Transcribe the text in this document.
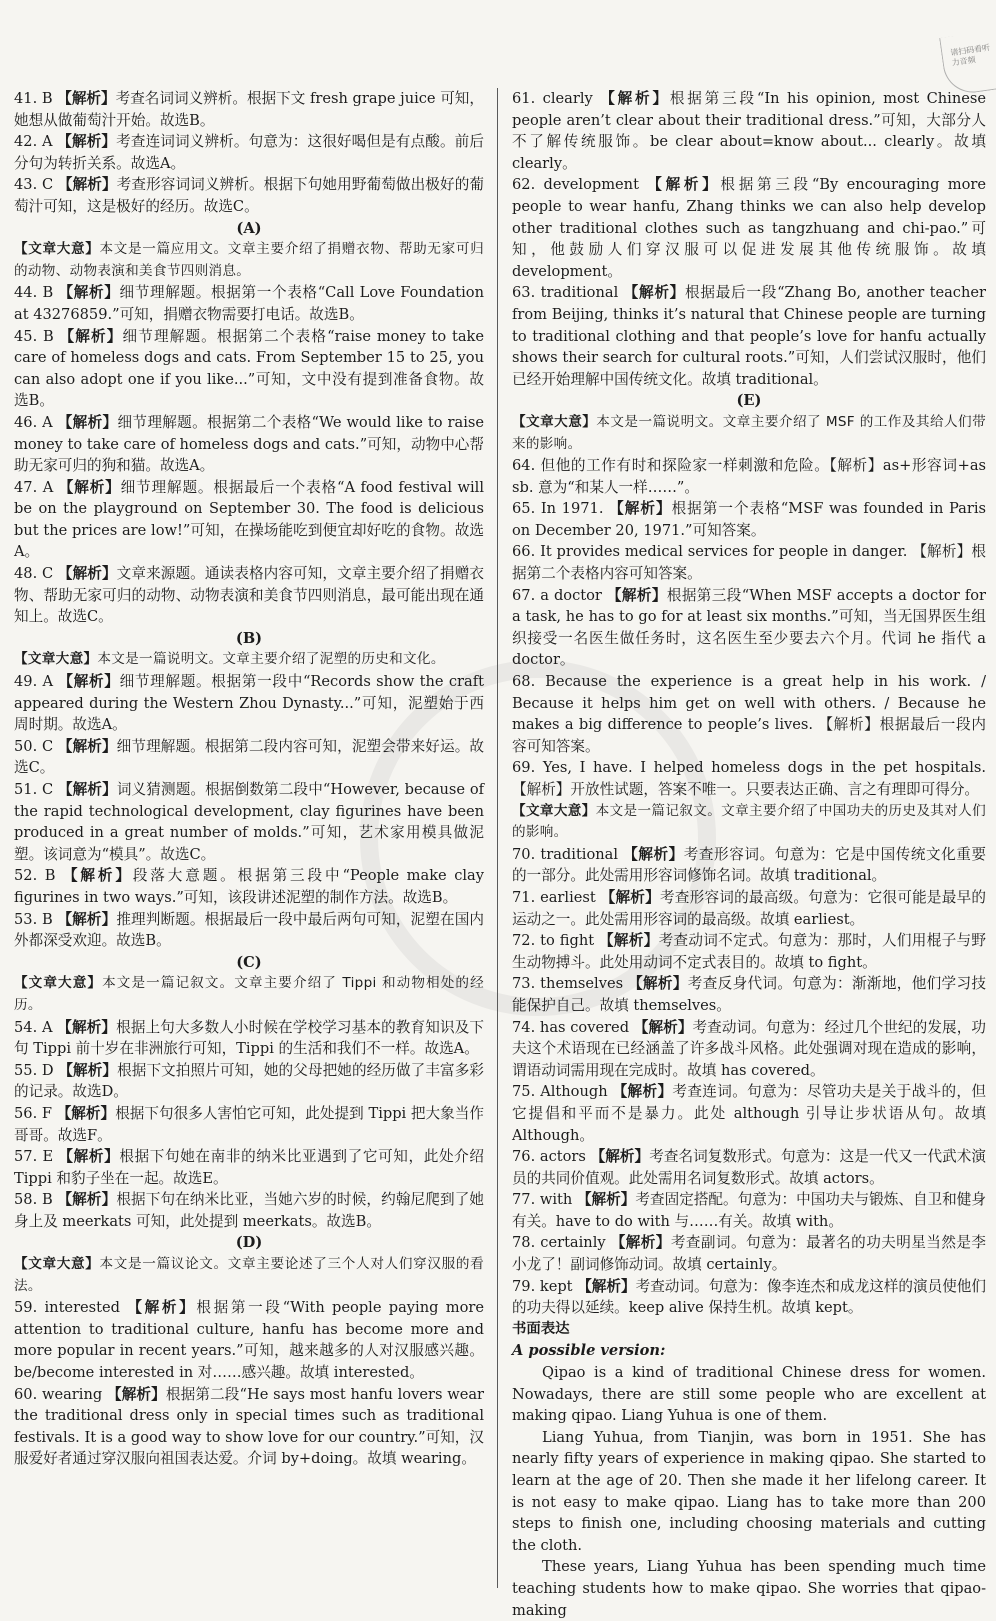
请扫码看听力音频

41. B 【解析】考查名词词义辨析。根据下文 fresh grape juice 可知，她想从做葡萄汁开始。故选B。

42. A 【解析】考查连词词义辨析。句意为：这很好喝但是有点酸。前后分句为转折关系。故选A。

43. C 【解析】考查形容词词义辨析。根据下句她用野葡萄做出极好的葡萄汁可知，这是极好的经历。故选C。

(A)

【文章大意】本文是一篇应用文。文章主要介绍了捐赠衣物、帮助无家可归的动物、动物表演和美食节四则消息。

44. B 【解析】细节理解题。根据第一个表格“Call Love Foundation at 43276859.”可知，捐赠衣物需要打电话。故选B。

45. B 【解析】细节理解题。根据第二个表格“raise money to take care of homeless dogs and cats. From September 15 to 25, you can also adopt one if you like...”可知，文中没有提到准备食物。故选B。

46. A 【解析】细节理解题。根据第二个表格“We would like to raise money to take care of homeless dogs and cats.”可知，动物中心帮助无家可归的狗和猫。故选A。

47. A 【解析】细节理解题。根据最后一个表格“A food festival will be on the playground on September 30. The food is delicious but the prices are low!”可知，在操场能吃到便宜却好吃的食物。故选A。

48. C 【解析】文章来源题。通读表格内容可知，文章主要介绍了捐赠衣物、帮助无家可归的动物、动物表演和美食节四则消息，最可能出现在通知上。故选C。

(B)

【文章大意】本文是一篇说明文。文章主要介绍了泥塑的历史和文化。

49. A 【解析】细节理解题。根据第一段中“Records show the craft appeared during the Western Zhou Dynasty...”可知，泥塑始于西周时期。故选A。

50. C 【解析】细节理解题。根据第二段内容可知，泥塑会带来好运。故选C。

51. C 【解析】词义猜测题。根据倒数第二段中“However, because of the rapid technological development, clay figurines have been produced in a great number of molds.”可知，艺术家用模具做泥塑。该词意为“模具”。故选C。

52. B 【解析】段落大意题。根据第三段中“People make clay figurines in two ways.”可知，该段讲述泥塑的制作方法。故选B。

53. B 【解析】推理判断题。根据最后一段中最后两句可知，泥塑在国内外都深受欢迎。故选B。

(C)

【文章大意】本文是一篇记叙文。文章主要介绍了 Tippi 和动物相处的经历。

54. A 【解析】根据上句大多数人小时候在学校学习基本的教育知识及下句 Tippi 前十岁在非洲旅行可知，Tippi 的生活和我们不一样。故选A。

55. D 【解析】根据下文拍照片可知，她的父母把她的经历做了丰富多彩的记录。故选D。

56. F 【解析】根据下句很多人害怕它可知，此处提到 Tippi 把大象当作哥哥。故选F。

57. E 【解析】根据下句她在南非的纳米比亚遇到了它可知，此处介绍 Tippi 和豹子坐在一起。故选E。

58. B 【解析】根据下句在纳米比亚，当她六岁的时候，约翰尼爬到了她身上及 meerkats 可知，此处提到 meerkats。故选B。

(D)

【文章大意】本文是一篇议论文。文章主要论述了三个人对人们穿汉服的看法。

59. interested 【解析】根据第一段“With people paying more attention to traditional culture, hanfu has become more and more popular in recent years.”可知，越来越多的人对汉服感兴趣。be/become interested in 对……感兴趣。故填 interested。

60. wearing 【解析】根据第二段“He says most hanfu lovers wear the traditional dress only in special times such as traditional festivals. It is a good way to show love for our country.”可知，汉服爱好者通过穿汉服向祖国表达爱。介词 by+doing。故填 wearing。

61. clearly 【解析】根据第三段“In his opinion, most Chinese people aren’t clear about their traditional dress.”可知，大部分人不了解传统服饰。be clear about=know about... clearly。故填 clearly。

62. development 【解析】根据第三段“By encouraging more people to wear hanfu, Zhang thinks we can also help develop other traditional clothes such as tangzhuang and chi-pao.”可知，他鼓励人们穿汉服可以促进发展其他传统服饰。故填 development。

63. traditional 【解析】根据最后一段“Zhang Bo, another teacher from Beijing, thinks it’s natural that Chinese people are turning to traditional clothing and that people’s love for hanfu actually shows their search for cultural roots.”可知，人们尝试汉服时，他们已经开始理解中国传统文化。故填 traditional。

(E)

【文章大意】本文是一篇说明文。文章主要介绍了 MSF 的工作及其给人们带来的影响。

64. 但他的工作有时和探险家一样刺激和危险。【解析】as+形容词+as sb. 意为“和某人一样……”。

65. In 1971. 【解析】根据第一个表格“MSF was founded in Paris on December 20, 1971.”可知答案。

66. It provides medical services for people in danger. 【解析】根据第二个表格内容可知答案。

67. a doctor 【解析】根据第三段“When MSF accepts a doctor for a task, he has to go for at least six months.”可知，当无国界医生组织接受一名医生做任务时，这名医生至少要去六个月。代词 he 指代 a doctor。

68. Because the experience is a great help in his work. / Because it helps him get on well with others. / Because he makes a big difference to people’s lives. 【解析】根据最后一段内容可知答案。

69. Yes, I have. I helped homeless dogs in the pet hospitals. 【解析】开放性试题，答案不唯一。只要表达正确、言之有理即可得分。

【文章大意】本文是一篇记叙文。文章主要介绍了中国功夫的历史及其对人们的影响。

70. traditional 【解析】考查形容词。句意为：它是中国传统文化重要的一部分。此处需用形容词修饰名词。故填 traditional。

71. earliest 【解析】考查形容词的最高级。句意为：它很可能是最早的运动之一。此处需用形容词的最高级。故填 earliest。

72. to fight 【解析】考查动词不定式。句意为：那时，人们用棍子与野生动物搏斗。此处用动词不定式表目的。故填 to fight。

73. themselves 【解析】考查反身代词。句意为：渐渐地，他们学习技能保护自己。故填 themselves。

74. has covered 【解析】考查动词。句意为：经过几个世纪的发展，功夫这个术语现在已经涵盖了许多战斗风格。此处强调对现在造成的影响，谓语动词需用现在完成时。故填 has covered。

75. Although 【解析】考查连词。句意为：尽管功夫是关于战斗的，但它提倡和平而不是暴力。此处 although 引导让步状语从句。故填 Although。

76. actors 【解析】考查名词复数形式。句意为：这是一代又一代武术演员的共同价值观。此处需用名词复数形式。故填 actors。

77. with 【解析】考查固定搭配。句意为：中国功夫与锻炼、自卫和健身有关。have to do with 与……有关。故填 with。

78. certainly 【解析】考查副词。句意为：最著名的功夫明星当然是李小龙了！副词修饰动词。故填 certainly。

79. kept 【解析】考查动词。句意为：像李连杰和成龙这样的演员使他们的功夫得以延续。keep alive 保持生机。故填 kept。

书面表达

A possible version:

Qipao is a kind of traditional Chinese dress for women. Nowadays, there are still some people who are excellent at making qipao. Liang Yuhua is one of them.

Liang Yuhua, from Tianjin, was born in 1951. She has nearly fifty years of experience in making qipao. She started to learn at the age of 20. Then she made it her lifelong career. It is not easy to make qipao. Liang has to take more than 200 steps to finish one, including choosing materials and cutting the cloth.

These years, Liang Yuhua has been spending much time teaching students how to make qipao. She worries that qipao-making
